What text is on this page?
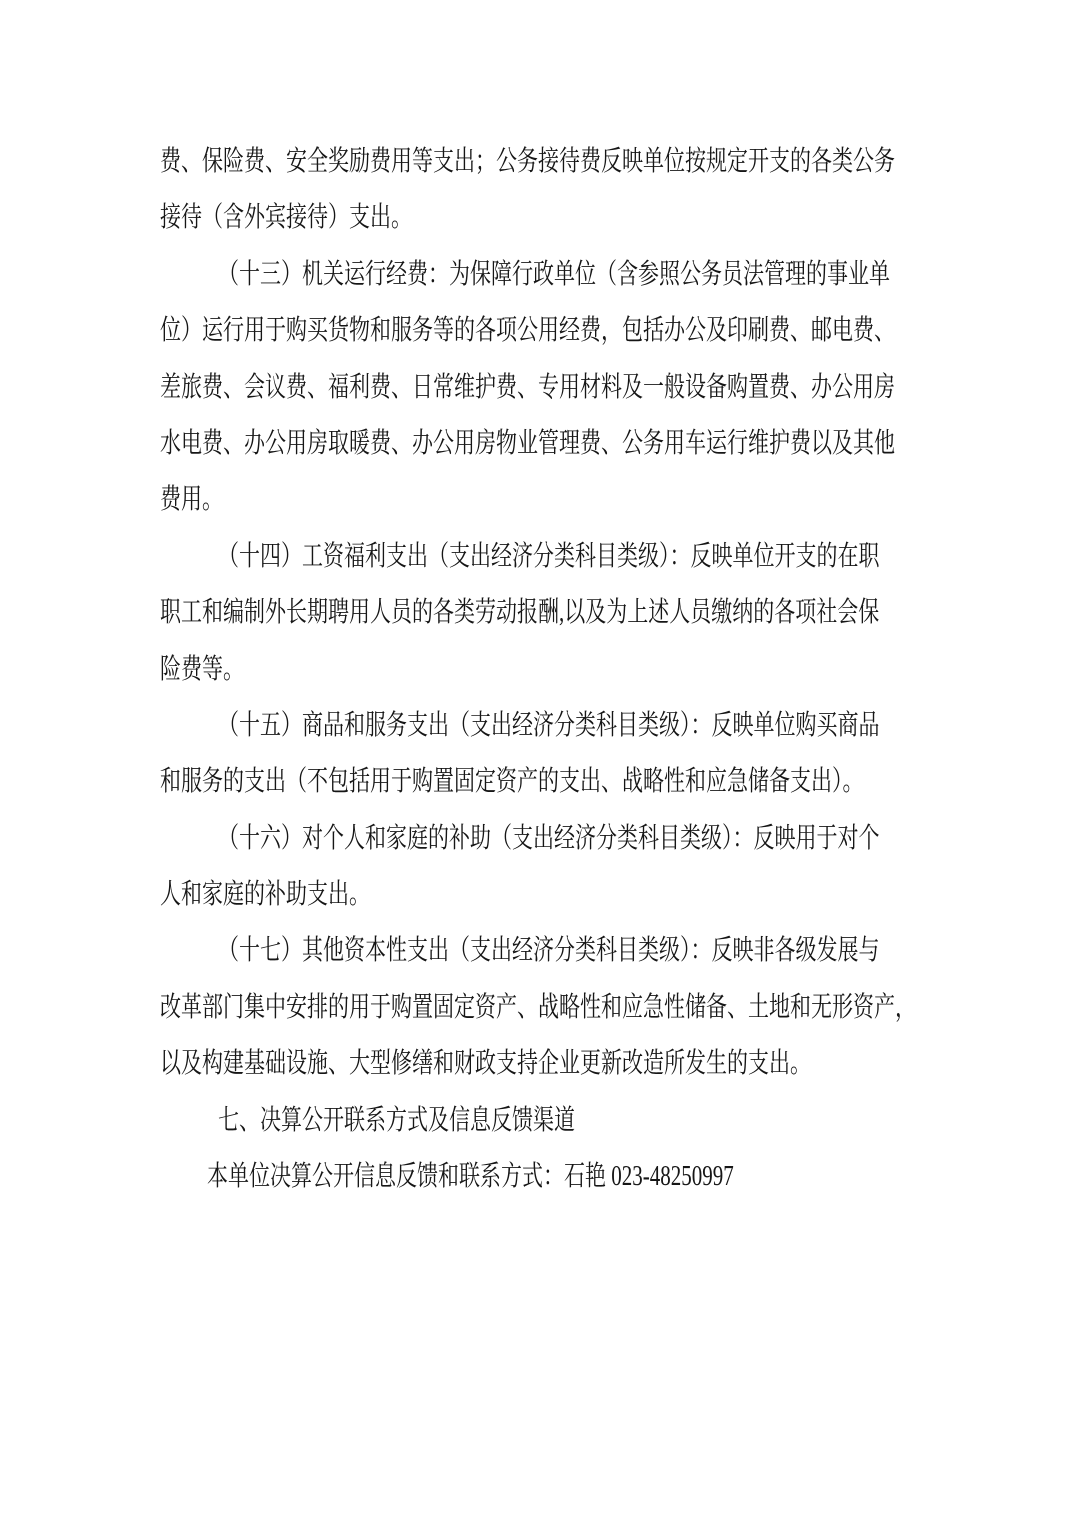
费、保险费、安全奖励费用等支出；公务接待费反映单位按规定开支的各类公务
接待（含外宾接待）支出。
（十三）机关运行经费：为保障行政单位（含参照公务员法管理的事业单
位）运行用于购买货物和服务等的各项公用经费，包括办公及印刷费、邮电费、
差旅费、会议费、福利费、日常维护费、专用材料及一般设备购置费、办公用房
水电费、办公用房取暖费、办公用房物业管理费、公务用车运行维护费以及其他
费用。
（十四）工资福利支出（支出经济分类科目类级）：反映单位开支的在职
职工和编制外长期聘用人员的各类劳动报酬,以及为上述人员缴纳的各项社会保
险费等。
（十五）商品和服务支出（支出经济分类科目类级）：反映单位购买商品
和服务的支出（不包括用于购置固定资产的支出、战略性和应急储备支出）。
（十六）对个人和家庭的补助（支出经济分类科目类级）：反映用于对个
人和家庭的补助支出。
（十七）其他资本性支出（支出经济分类科目类级）：反映非各级发展与
改革部门集中安排的用于购置固定资产、战略性和应急性储备、土地和无形资产，
以及构建基础设施、大型修缮和财政支持企业更新改造所发生的支出。
七、决算公开联系方式及信息反馈渠道
本单位决算公开信息反馈和联系方式：石艳 023-48250997
